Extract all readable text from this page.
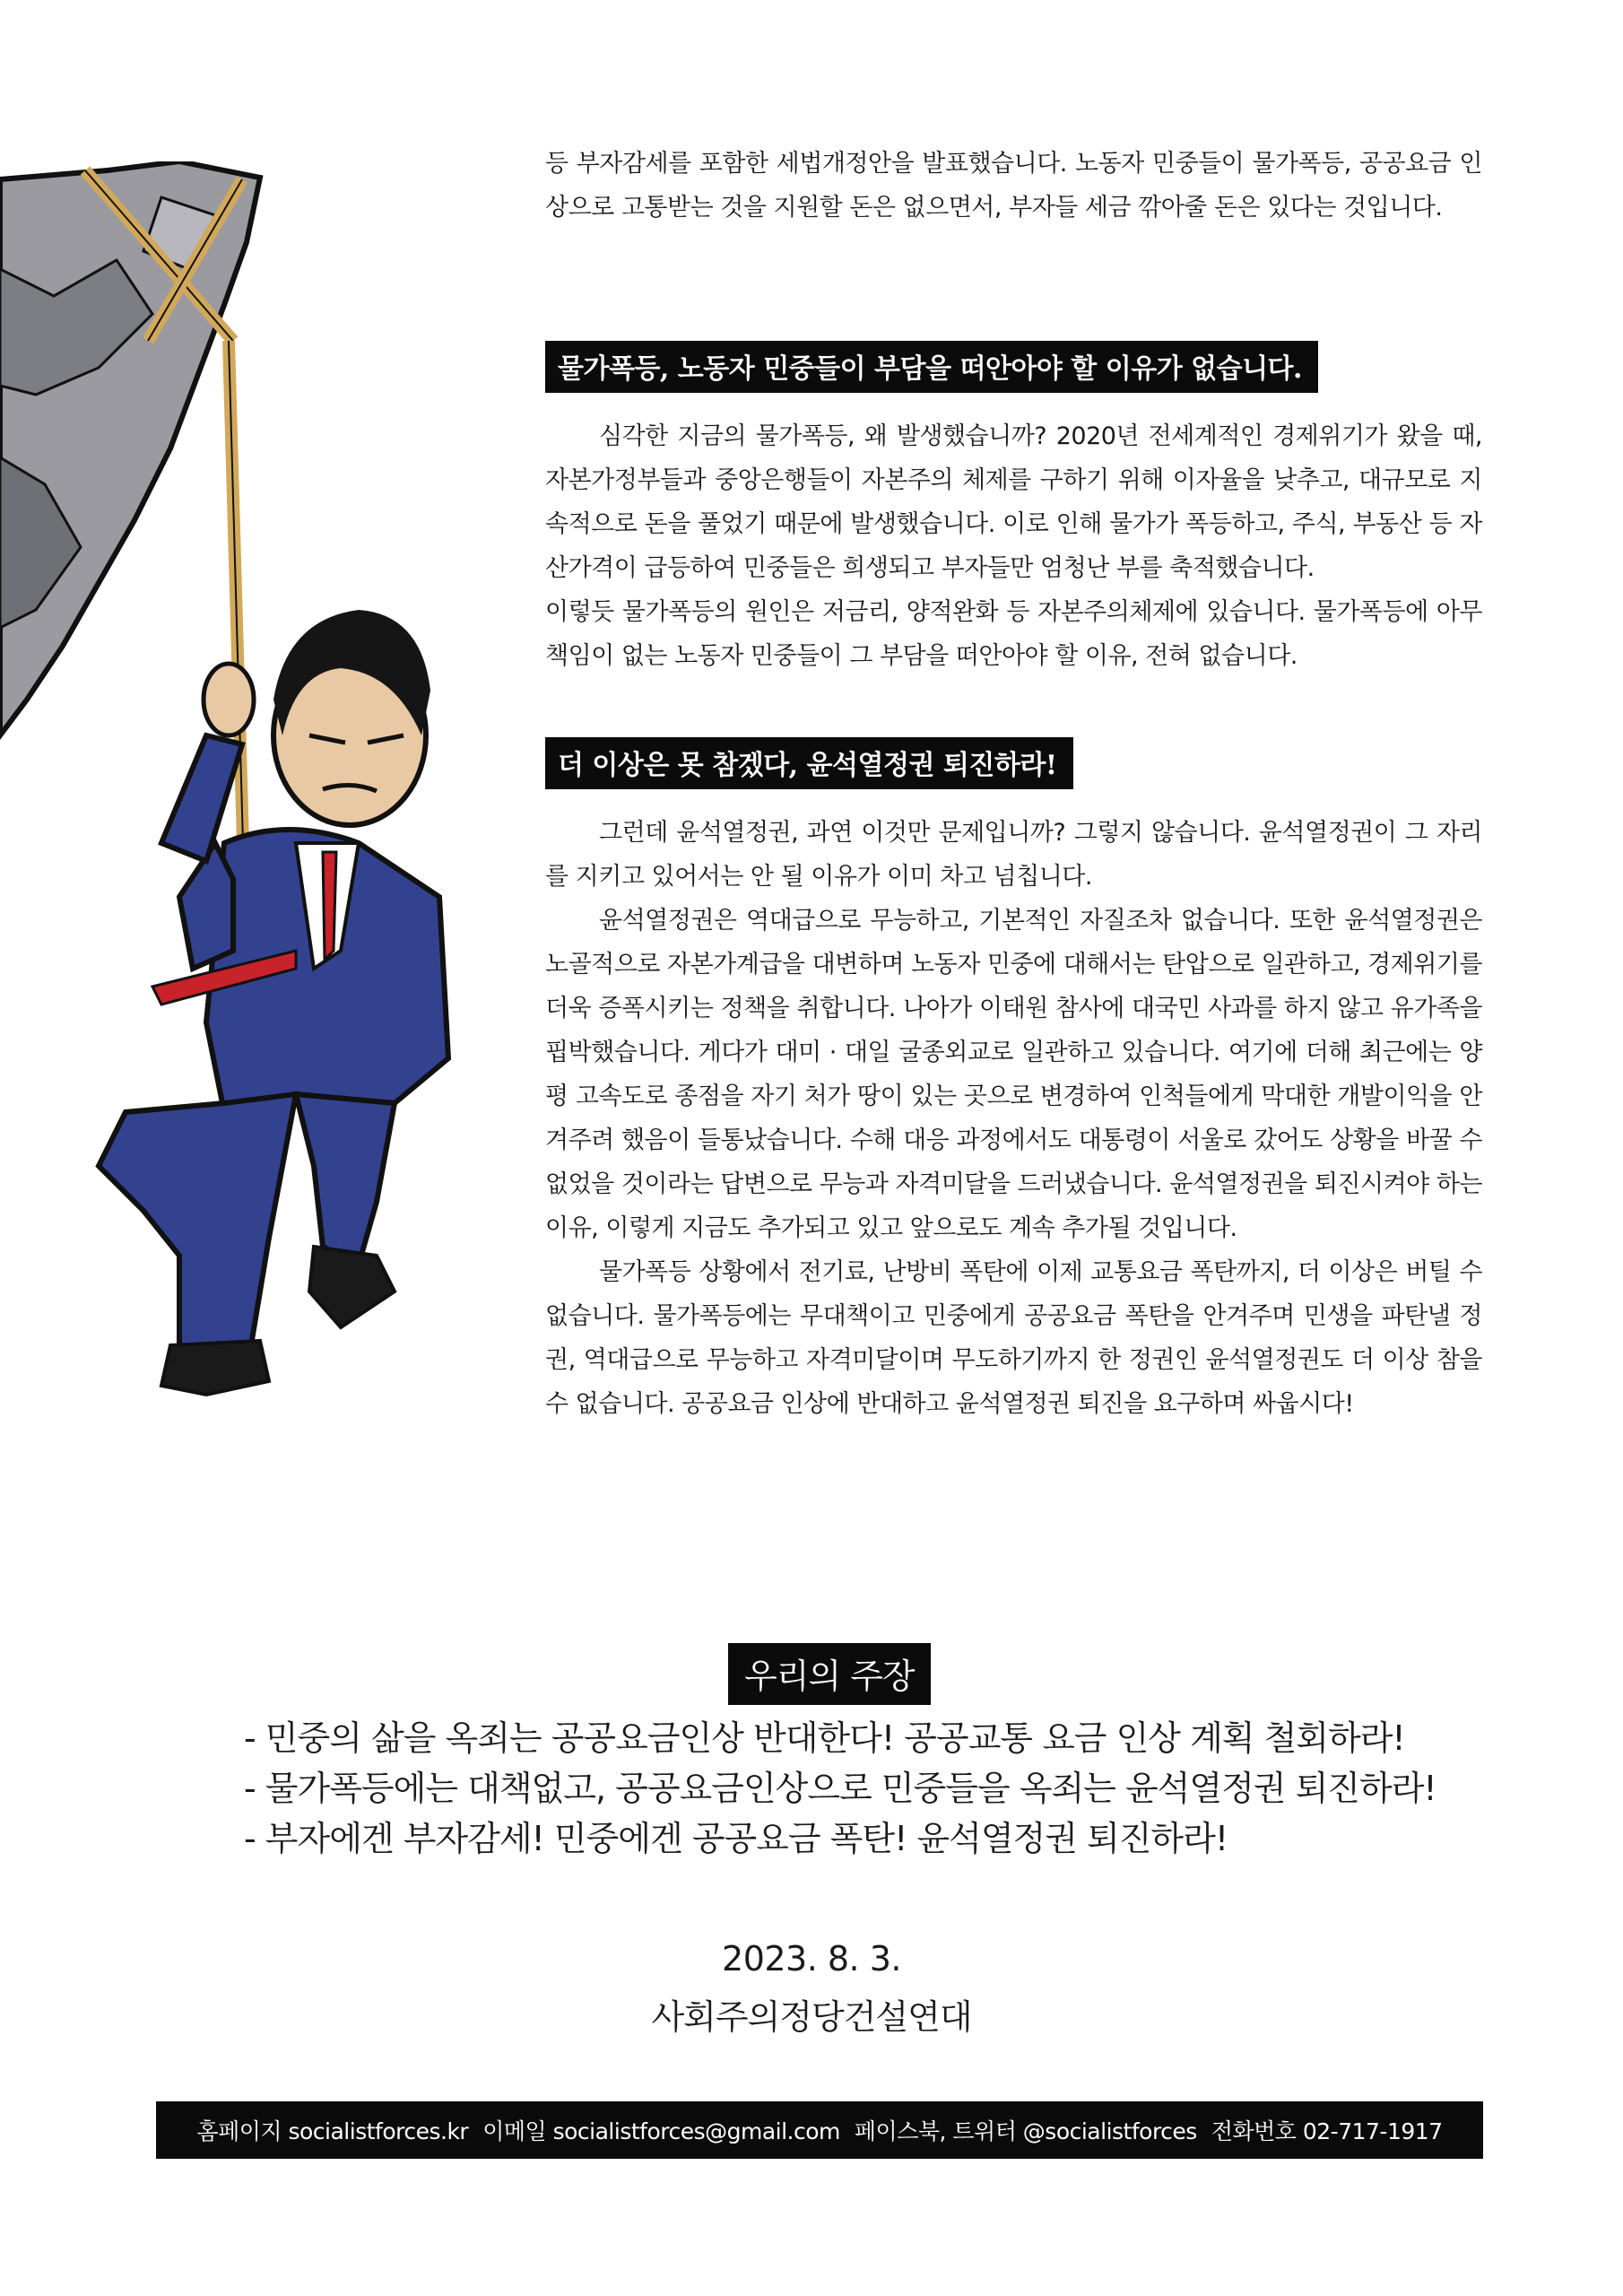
등 부자감세를 포함한 세법개정안을 발표했습니다. 노동자 민중들이 물가폭등, 공공요금 인상으로 고통받는 것을 지원할 돈은 없으면서, 부자들 세금 깎아줄 돈은 있다는 것입니다.

물가폭등, 노동자 민중들이 부담을 떠안아야 할 이유가 없습니다.

심각한 지금의 물가폭등, 왜 발생했습니까? 2020년 전세계적인 경제위기가 왔을 때, 자본가정부들과 중앙은행들이 자본주의 체제를 구하기 위해 이자율을 낮추고, 대규모로 지속적으로 돈을 풀었기 때문에 발생했습니다. 이로 인해 물가가 폭등하고, 주식, 부동산 등 자산가격이 급등하여 민중들은 희생되고 부자들만 엄청난 부를 축적했습니다.

이렇듯 물가폭등의 원인은 저금리, 양적완화 등 자본주의체제에 있습니다. 물가폭등에 아무 책임이 없는 노동자 민중들이 그 부담을 떠안아야 할 이유, 전혀 없습니다.

더 이상은 못 참겠다, 윤석열정권 퇴진하라!

그런데 윤석열정권, 과연 이것만 문제입니까? 그렇지 않습니다. 윤석열정권이 그 자리를 지키고 있어서는 안 될 이유가 이미 차고 넘칩니다.

윤석열정권은 역대급으로 무능하고, 기본적인 자질조차 없습니다. 또한 윤석열정권은 노골적으로 자본가계급을 대변하며 노동자 민중에 대해서는 탄압으로 일관하고, 경제위기를 더욱 증폭시키는 정책을 취합니다. 나아가 이태원 참사에 대국민 사과를 하지 않고 유가족을 핍박했습니다. 게다가 대미 · 대일 굴종외교로 일관하고 있습니다. 여기에 더해 최근에는 양평 고속도로 종점을 자기 처가 땅이 있는 곳으로 변경하여 인척들에게 막대한 개발이익을 안겨주려 했음이 들통났습니다. 수해 대응 과정에서도 대통령이 서울로 갔어도 상황을 바꿀 수 없었을 것이라는 답변으로 무능과 자격미달을 드러냈습니다. 윤석열정권을 퇴진시켜야 하는 이유, 이렇게 지금도 추가되고 있고 앞으로도 계속 추가될 것입니다.

물가폭등 상황에서 전기료, 난방비 폭탄에 이제 교통요금 폭탄까지, 더 이상은 버틸 수 없습니다. 물가폭등에는 무대책이고 민중에게 공공요금 폭탄을 안겨주며 민생을 파탄낼 정권, 역대급으로 무능하고 자격미달이며 무도하기까지 한 정권인 윤석열정권도 더 이상 참을 수 없습니다. 공공요금 인상에 반대하고 윤석열정권 퇴진을 요구하며 싸웁시다!

우리의 주장
- 민중의 삶을 옥죄는 공공요금인상 반대한다! 공공교통 요금 인상 계획 철회하라!
- 물가폭등에는 대책없고, 공공요금인상으로 민중들을 옥죄는 윤석열정권 퇴진하라!
- 부자에겐 부자감세! 민중에겐 공공요금 폭탄! 윤석열정권 퇴진하라!
2023. 8. 3.
사회주의정당건설연대
홈페이지 socialistforces.kr 이메일 socialistforces@gmail.com 페이스북, 트위터 @socialistforces 전화번호 02-717-1917
